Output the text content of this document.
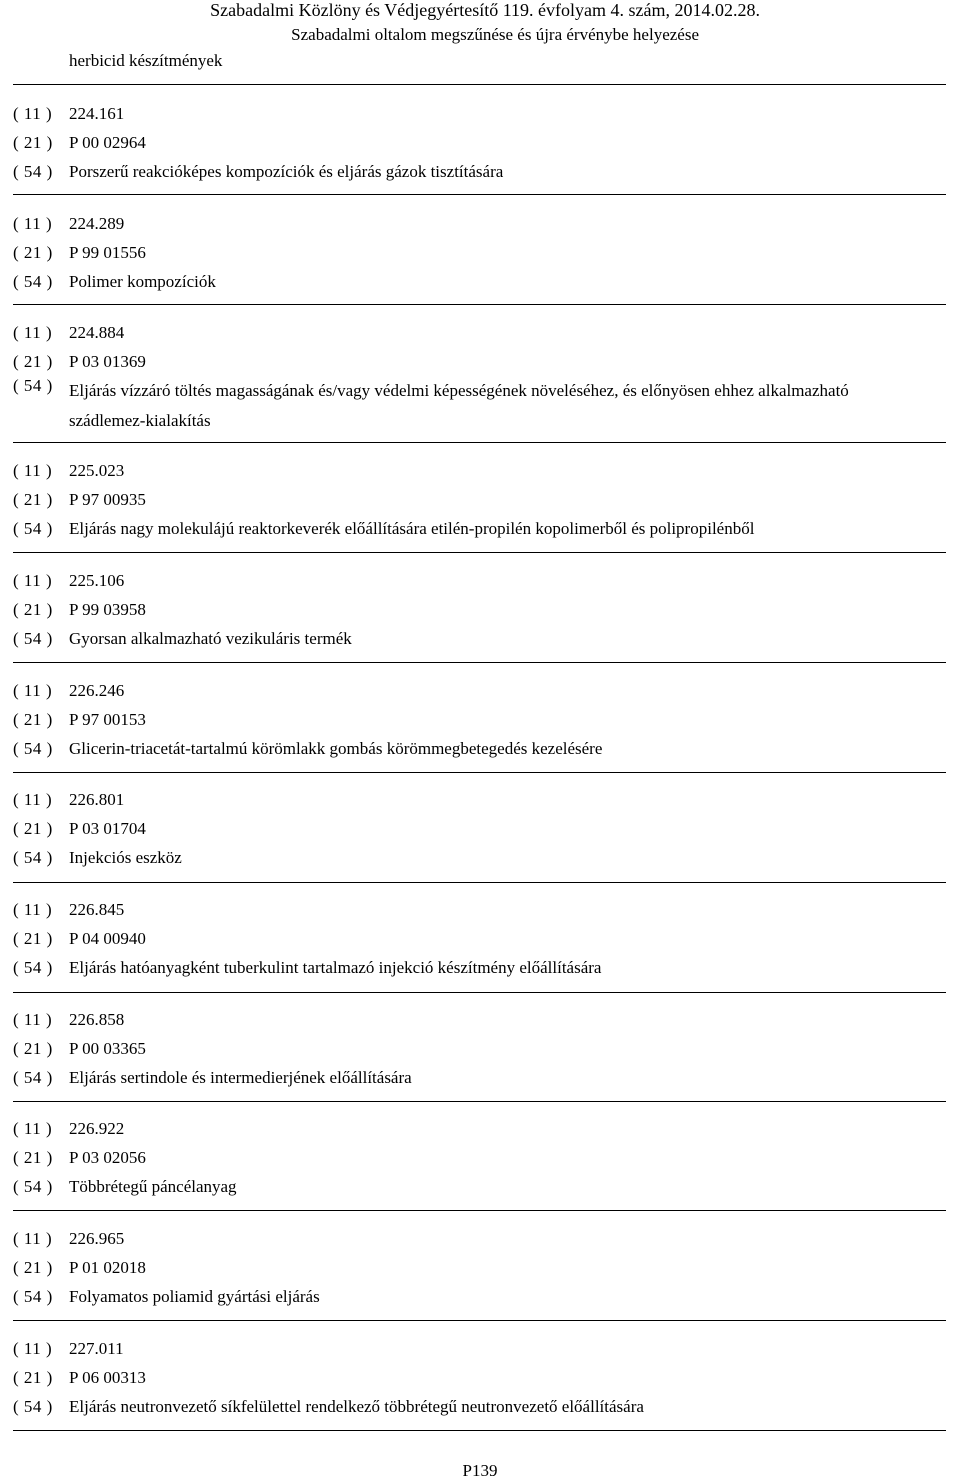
Szabadalmi Közlöny és Védjegyértesítő 119. évfolyam 4. szám, 2014.02.28.
Szabadalmi oltalom megszűnése és újra érvénybe helyezése
herbicid készítmények
( 11 ) 224.161
( 21 ) P 00 02964
( 54 ) Porszerű reakcióképes kompozíciók és eljárás gázok tisztítására
( 11 ) 224.289
( 21 ) P 99 01556
( 54 ) Polimer kompozíciók
( 11 ) 224.884
( 21 ) P 03 01369
( 54 ) Eljárás vízzáró töltés magasságának és/vagy védelmi képességének növeléséhez, és előnyösen ehhez alkalmazható szádlemez-kialakítás
( 11 ) 225.023
( 21 ) P 97 00935
( 54 ) Eljárás nagy molekulájú reaktorkeverék előállítására etilén-propilén kopolimerből és polipropilénből
( 11 ) 225.106
( 21 ) P 99 03958
( 54 ) Gyorsan alkalmazható vezikuláris termék
( 11 ) 226.246
( 21 ) P 97 00153
( 54 ) Glicerin-triacetát-tartalmú körömlakk gombás körömmegbetegedés kezelésére
( 11 ) 226.801
( 21 ) P 03 01704
( 54 ) Injekciós eszköz
( 11 ) 226.845
( 21 ) P 04 00940
( 54 ) Eljárás hatóanyagként tuberkulint tartalmazó injekció készítmény előállítására
( 11 ) 226.858
( 21 ) P 00 03365
( 54 ) Eljárás sertindole és intermedierjének előállítására
( 11 ) 226.922
( 21 ) P 03 02056
( 54 ) Többrétegű páncélanyag
( 11 ) 226.965
( 21 ) P 01 02018
( 54 ) Folyamatos poliamid gyártási eljárás
( 11 ) 227.011
( 21 ) P 06 00313
( 54 ) Eljárás neutronvezető síkfelülettel rendelkező többrétegű neutronvezető előállítására
P139
